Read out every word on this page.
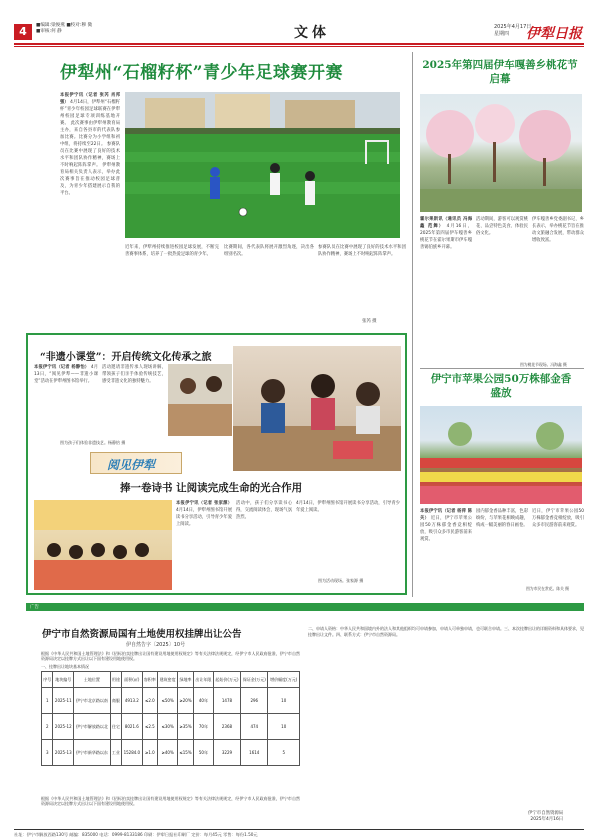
4	■编辑:梁俊燕 ■校对:穆 微
■审核:何 静	文体	2025年4月17日
星期四	伊犁日报
伊犁州“石榴籽杯”青少年足球赛开赛
本报伊宁讯（记者 张芮 肖邦强） 4月14日，伊犁州“石榴籽杯”青少年校园足球联赛在伊犁州校园足球专项训练基地开赛。 此次赛事由伊犁州教育局主办，来自各县市的代表队参加比赛。比赛分为小学组和初中组，将持续至22日。 参赛队员在比赛中展现了良好的技术水平和团队协作精神，赛场上不时响起阵阵掌声。 伊犁州教育局相关负责人表示，举办此次赛事旨在推动校园足球普及，为青少年搭建展示自我的平台。
近年来，伊犁州持续推进校园足球发展，不断完善赛事体系，培养了一批热爱足球的青少年。
比赛期间，各代表队将展开激烈角逐，决出各组别名次。
参赛队员在比赛中展现了良好的技术水平和团队协作精神，赛场上不时响起阵阵掌声。
张芮 摄
2025年第四届伊车嘎善乡桃花节启幕
霍尔果斯讯（通讯员 冯海鑫 范舞） 4月16日，2025年第四届伊车嘎善乡桃花节在霍尔果斯市伊车嘎善锡伯族乡开幕。
活动期间，游客可以观赏桃花、品尝特色美食、体验民俗文化。
伊车嘎善乡党委副书记、乡长表示，举办桃花节旨在推动文旅融合发展，带动群众增收致富。
图为桃花节现场。冯海鑫 摄
伊宁市苹果公园50万株郁金香盛放
本报伊宁讯（记者 杨萍 陈关） 近日，伊宁市苹果公园50万株郁金香竞相绽放，吸引众多市民游客前来观赏。
园内郁金香品种丰富，色彩缤纷，与苹果花相映成趣，构成一幅美丽的春日画卷。
近日，伊宁市苹果公园50万株郁金香竞相绽放，吸引众多市民游客前来观赏。
图为市民在赏花。陈关 摄
“非遗小课堂”：开启传统文化传承之旅
本报伊宁讯（记者 杨静怡） 4月13日，“阅见伊犁——非遗小课堂”活动在伊犁州图书馆举行。
活动邀请非遗传承人现场讲解，带领孩子们亲手体验传统技艺，感受非遗文化的独特魅力。
图为孩子们体验非遗技艺。杨静怡 摄
阅见伊犁
捧一卷诗书 让阅读完成生命的光合作用
本报伊宁讯（记者 张家源） 4月14日，伊犁州图书馆开展读书分享活动，引导青少年爱上阅读。
活动中，孩子们分享读书心得，交流阅读体会，现场气氛热烈。
4月14日，伊犁州图书馆开展读书分享活动，引导青少年爱上阅读。
图为活动现场。张家源 摄
广告
伊宁市自然资源局国有土地使用权挂牌出让公告
伊自然告字〔2025〕10号
根据《中华人民共和国土地管理法》和《招标拍卖挂牌出让国有建设用地使用权规定》等有关法律法规规定，经伊宁市人民政府批准，伊宁市自然资源局决定以挂牌方式出让以下国有建设用地使用权。
一、挂牌出让地块基本情况
序号	地块编号	土地位置	用途	面积(㎡)	容积率	建筑密度	绿地率	出让年限	起始价(万元)	保证金(万元)	增价幅度(万元)
1	2025-11	伊宁市北京路以南	商服	4913.2	≤2.0	≤50%	≥20%	40年	1478	296	10
2	2025-12	伊宁市解放路以北	住宅	8021.6	≤2.5	≤30%	≥35%	70年	2368	474	10
3	2025-13	伊宁市新华路以东	工业	15284.0	≥1.0	≥40%	≤15%	50年	3229	1614	5
根据《中华人民共和国土地管理法》和《招标拍卖挂牌出让国有建设用地使用权规定》等有关法律法规规定，经伊宁市人民政府批准，伊宁市自然资源局决定以挂牌方式出让以下国有建设用地使用权。
二、申请人资格：中华人民共和国境内外的法人和其他组织均可申请参加，申请人可单独申请，也可联合申请。三、本次挂牌出让的详细资料和具体要求，见挂牌出让文件。四、联系方式：伊宁市自然资源局。
伊宁市自然资源局
2025年4月16日
社址：伊宁市解放西路130号 邮编：835000 电话：0999-8133186 印刷：伊犁日报社印刷厂 定价：每月45元 零售：每份1.50元
